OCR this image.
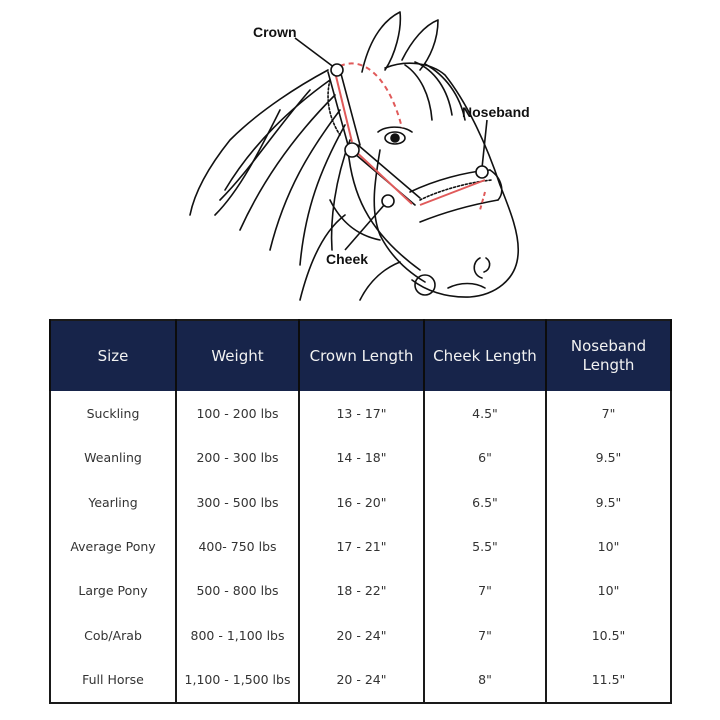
Crown
Noseband
Cheek
Size	Weight	Crown Length	Cheek Length	Noseband Length
Suckling	100 - 200 lbs	13 - 17"	4.5"	7"
Weanling	200 - 300 lbs	14 - 18"	6"	9.5"
Yearling	300 - 500 lbs	16 - 20"	6.5"	9.5"
Average Pony	400- 750 lbs	17 - 21"	5.5"	10"
Large Pony	500 - 800 lbs	18 - 22"	7"	10"
Cob/Arab	800 - 1,100 lbs	20 - 24"	7"	10.5"
Full Horse	1,100 - 1,500 lbs	20 - 24"	8"	11.5"
